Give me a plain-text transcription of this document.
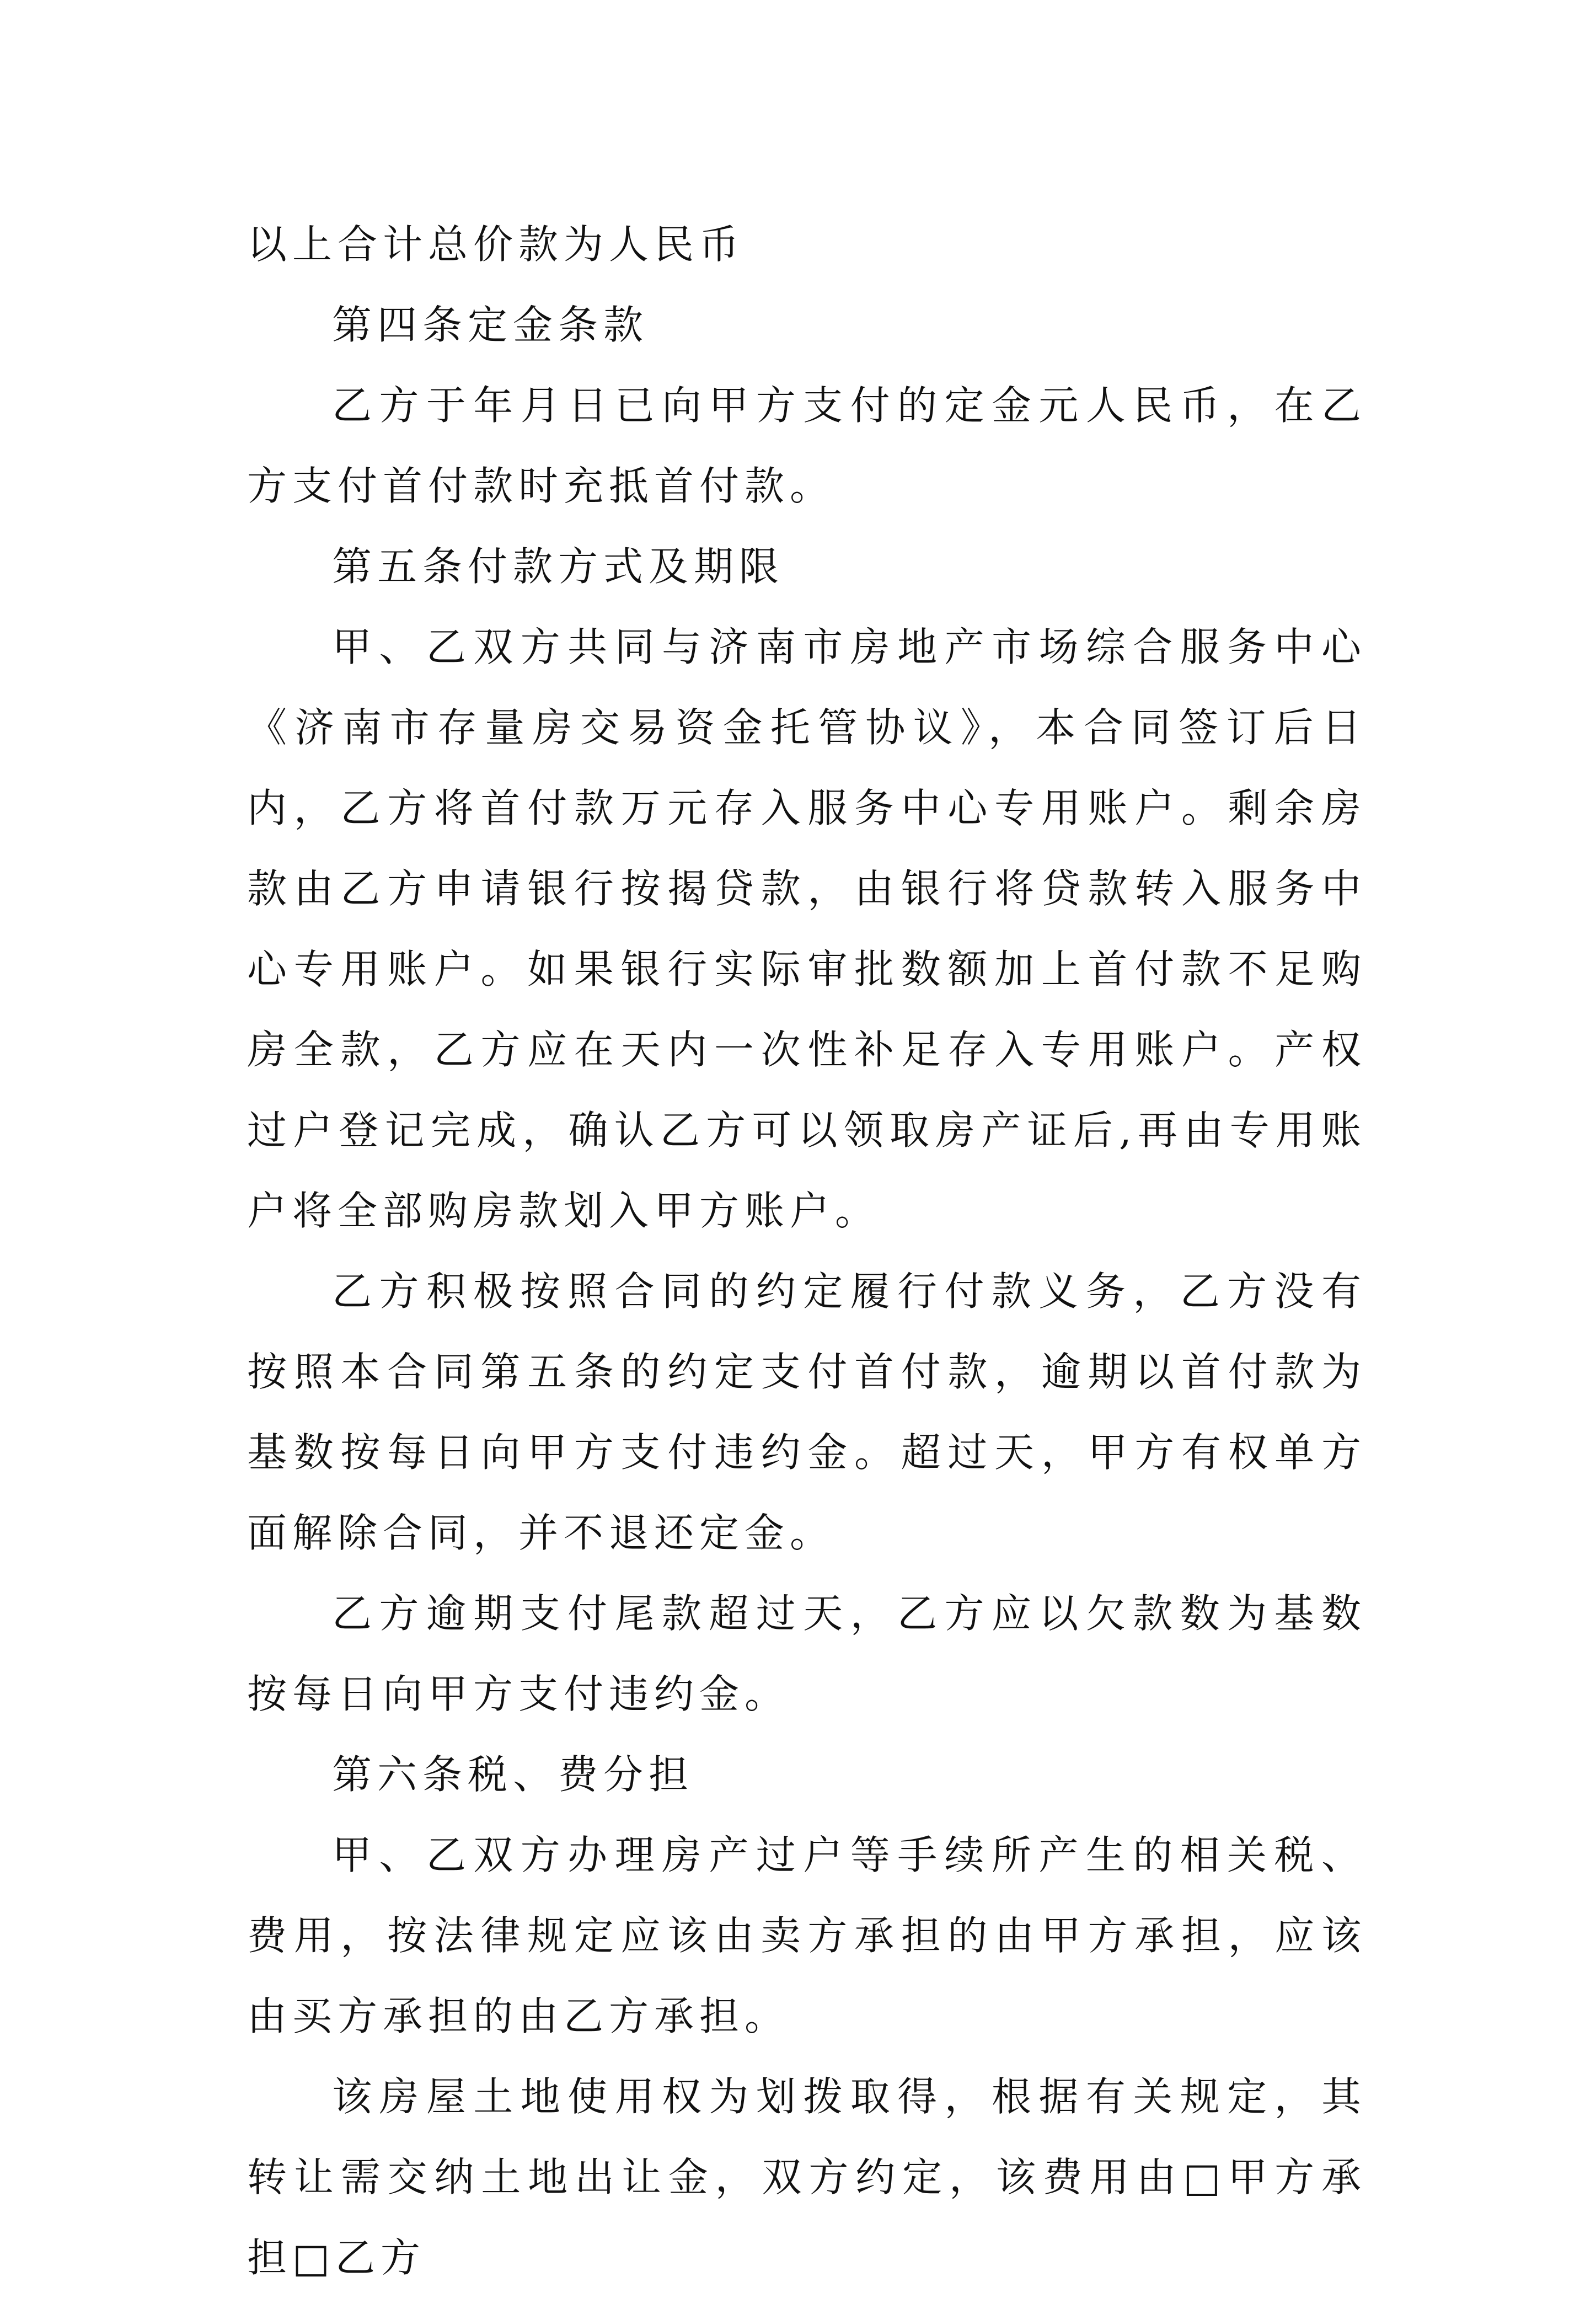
以上合计总价款为人民币

第四条定金条款

乙方于年月日已向甲方支付的定金元人民币，在乙方支付首付款时充抵首付款。

第五条付款方式及期限

甲、乙双方共同与济南市房地产市场综合服务中心《济南市存量房交易资金托管协议》，本合同签订后日内，乙方将首付款万元存入服务中心专用账户。剩余房款由乙方申请银行按揭贷款，由银行将贷款转入服务中心专用账户。如果银行实际审批数额加上首付款不足购房全款，乙方应在天内一次性补足存入专用账户。产权过户登记完成，确认乙方可以领取房产证后,再由专用账户将全部购房款划入甲方账户。

乙方积极按照合同的约定履行付款义务，乙方没有按照本合同第五条的约定支付首付款，逾期以首付款为基数按每日向甲方支付违约金。超过天，甲方有权单方面解除合同，并不退还定金。

乙方逾期支付尾款超过天，乙方应以欠款数为基数按每日向甲方支付违约金。

第六条税、费分担

甲、乙双方办理房产过户等手续所产生的相关税、费用，按法律规定应该由卖方承担的由甲方承担，应该由买方承担的由乙方承担。

该房屋土地使用权为划拨取得，根据有关规定，其转让需交纳土地出让金，双方约定，该费用由□甲方承担□乙方
